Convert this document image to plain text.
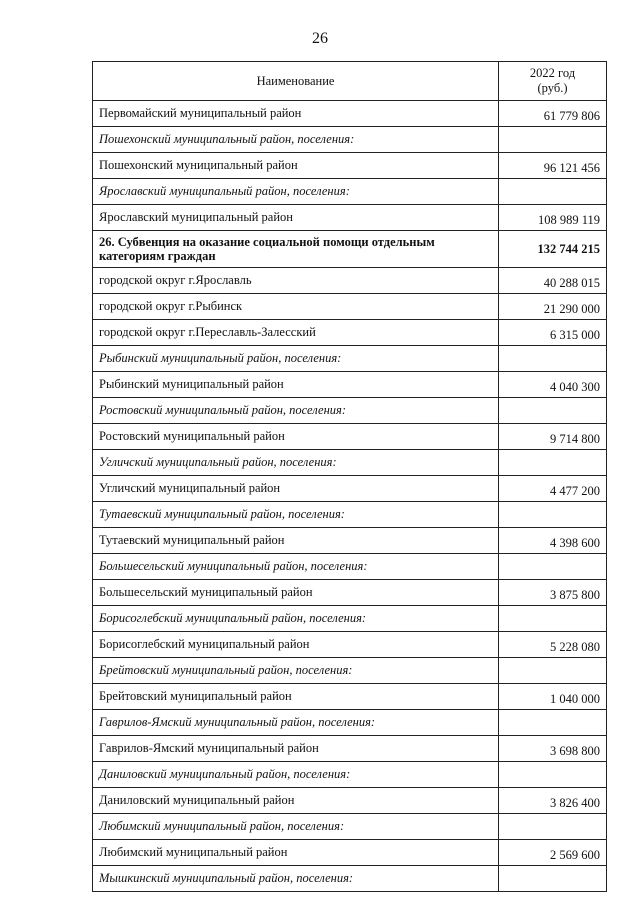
26
Наименование	2022 год
(руб.)
Первомайский муниципальный район	61 779 806
Пошехонский муниципальный район, поселения:	
Пошехонский муниципальный район	96 121 456
Ярославский муниципальный район, поселения:	
Ярославский муниципальный район	108 989 119
26. Субвенция на оказание социальной помощи отдельным категориям граждан	132 744 215
городской округ г.Ярославль	40 288 015
городской округ г.Рыбинск	21 290 000
городской округ г.Переславль-Залесский	6 315 000
Рыбинский муниципальный район, поселения:	
Рыбинский муниципальный район	4 040 300
Ростовский муниципальный район, поселения:	
Ростовский муниципальный район	9 714 800
Угличский муниципальный район, поселения:	
Угличский муниципальный район	4 477 200
Тутаевский муниципальный район, поселения:	
Тутаевский муниципальный район	4 398 600
Большесельский муниципальный район, поселения:	
Большесельский муниципальный район	3 875 800
Борисоглебский муниципальный район, поселения:	
Борисоглебский муниципальный район	5 228 080
Брейтовский муниципальный район, поселения:	
Брейтовский муниципальный район	1 040 000
Гаврилов-Ямский муниципальный район, поселения:	
Гаврилов-Ямский муниципальный район	3 698 800
Даниловский муниципальный район, поселения:	
Даниловский муниципальный район	3 826 400
Любимский муниципальный район, поселения:	
Любимский муниципальный район	2 569 600
Мышкинский муниципальный район, поселения:	
